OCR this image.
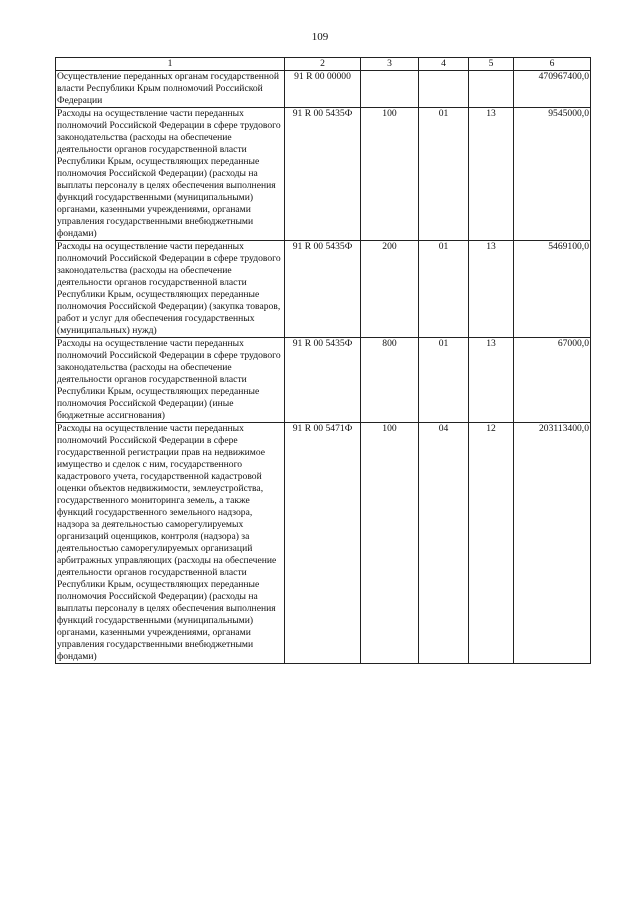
109
1	2	3	4	5	6
Осуществление переданных органам государственной власти Республики Крым полномочий Российской Федерации	91 R 00 00000				470967400,0
Расходы на осуществление части переданных полномочий Российской Федерации в сфере трудового законодательства (расходы на обеспечение деятельности органов государственной власти Республики Крым, осуществляющих переданные полномочия Российской Федерации) (расходы на выплаты персоналу в целях обеспечения выполнения функций государственными (муниципальными) органами, казенными учреждениями, органами управления государственными внебюджетными фондами)	91 R 00 5435Ф	100	01	13	9545000,0
Расходы на осуществление части переданных полномочий Российской Федерации в сфере трудового законодательства (расходы на обеспечение деятельности органов государственной власти Республики Крым, осуществляющих переданные полномочия Российской Федерации) (закупка товаров, работ и услуг для обеспечения государственных (муниципальных) нужд)	91 R 00 5435Ф	200	01	13	5469100,0
Расходы на осуществление части переданных полномочий Российской Федерации в сфере трудового законодательства (расходы на обеспечение деятельности органов государственной власти Республики Крым, осуществляющих переданные полномочия Российской Федерации) (иные бюджетные ассигнования)	91 R 00 5435Ф	800	01	13	67000,0
Расходы на осуществление части переданных полномочий Российской Федерации в сфере государственной регистрации прав на недвижимое имущество и сделок с ним, государственного кадастрового учета, государственной кадастровой оценки объектов недвижимости, землеустройства, государственного мониторинга земель, а также функций государственного земельного надзора, надзора за деятельностью саморегулируемых организаций оценщиков, контроля (надзора) за деятельностью саморегулируемых организаций арбитражных управляющих (расходы на обеспечение деятельности органов государственной власти Республики Крым, осуществляющих переданные полномочия Российской Федерации) (расходы на выплаты персоналу в целях обеспечения выполнения функций государственными (муниципальными) органами, казенными учреждениями, органами управления государственными внебюджетными фондами)	91 R 00 5471Ф	100	04	12	203113400,0
